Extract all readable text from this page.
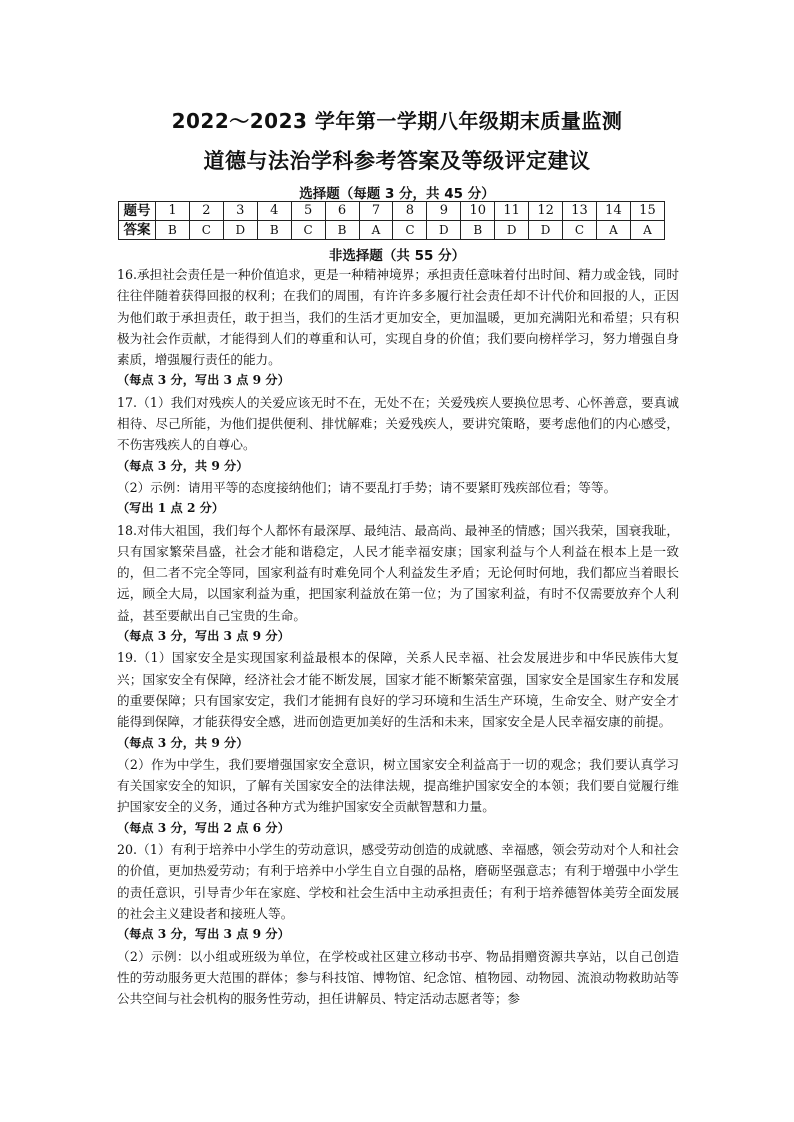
2022～2023 学年第一学期八年级期末质量监测
道德与法治学科参考答案及等级评定建议
选择题（每题 3 分，共 45 分）
题号	1	2	3	4	5	6	7	8	9	10	11	12	13	14	15
答案	B	C	D	B	C	B	A	C	D	B	D	D	C	A	A
非选择题（共 55 分）

16.承担社会责任是一种价值追求，更是一种精神境界；承担责任意味着付出时间、精力或金钱，同时往往伴随着获得回报的权利；在我们的周围，有许许多多履行社会责任却不计代价和回报的人，正因为他们敢于承担责任，敢于担当，我们的生活才更加安全，更加温暖，更加充满阳光和希望；只有积极为社会作贡献，才能得到人们的尊重和认可，实现自身的价值；我们要向榜样学习，努力增强自身素质，增强履行责任的能力。

（每点 3 分，写出 3 点 9 分）

17.（1）我们对残疾人的关爱应该无时不在，无处不在；关爱残疾人要换位思考、心怀善意，要真诚相待、尽己所能，为他们提供便利、排忧解难；关爱残疾人，要讲究策略，要考虑他们的内心感受，不伤害残疾人的自尊心。

（每点 3 分，共 9 分）

（2）示例：请用平等的态度接纳他们；请不要乱打手势；请不要紧盯残疾部位看；等等。

（写出 1 点 2 分）

18.对伟大祖国，我们每个人都怀有最深厚、最纯洁、最高尚、最神圣的情感；国兴我荣，国衰我耻，只有国家繁荣昌盛，社会才能和谐稳定，人民才能幸福安康；国家利益与个人利益在根本上是一致的，但二者不完全等同，国家利益有时难免同个人利益发生矛盾；无论何时何地，我们都应当着眼长远，顾全大局，以国家利益为重，把国家利益放在第一位；为了国家利益，有时不仅需要放弃个人利益，甚至要献出自己宝贵的生命。

（每点 3 分，写出 3 点 9 分）

19.（1）国家安全是实现国家利益最根本的保障，关系人民幸福、社会发展进步和中华民族伟大复兴；国家安全有保障，经济社会才能不断发展，国家才能不断繁荣富强，国家安全是国家生存和发展的重要保障；只有国家安定，我们才能拥有良好的学习环境和生活生产环境，生命安全、财产安全才能得到保障，才能获得安全感，进而创造更加美好的生活和未来，国家安全是人民幸福安康的前提。

（每点 3 分，共 9 分）

（2）作为中学生，我们要增强国家安全意识，树立国家安全利益高于一切的观念；我们要认真学习有关国家安全的知识，了解有关国家安全的法律法规，提高维护国家安全的本领；我们要自觉履行维护国家安全的义务，通过各种方式为维护国家安全贡献智慧和力量。

（每点 3 分，写出 2 点 6 分）

20.（1）有利于培养中小学生的劳动意识，感受劳动创造的成就感、幸福感，领会劳动对个人和社会的价值，更加热爱劳动；有利于培养中小学生自立自强的品格，磨砺坚强意志；有利于增强中小学生的责任意识，引导青少年在家庭、学校和社会生活中主动承担责任；有利于培养德智体美劳全面发展的社会主义建设者和接班人等。

（每点 3 分，写出 3 点 9 分）

（2）示例：以小组或班级为单位，在学校或社区建立移动书亭、物品捐赠资源共享站，以自己创造性的劳动服务更大范围的群体；参与科技馆、博物馆、纪念馆、植物园、动物园、流浪动物救助站等公共空间与社会机构的服务性劳动，担任讲解员、特定活动志愿者等；参
